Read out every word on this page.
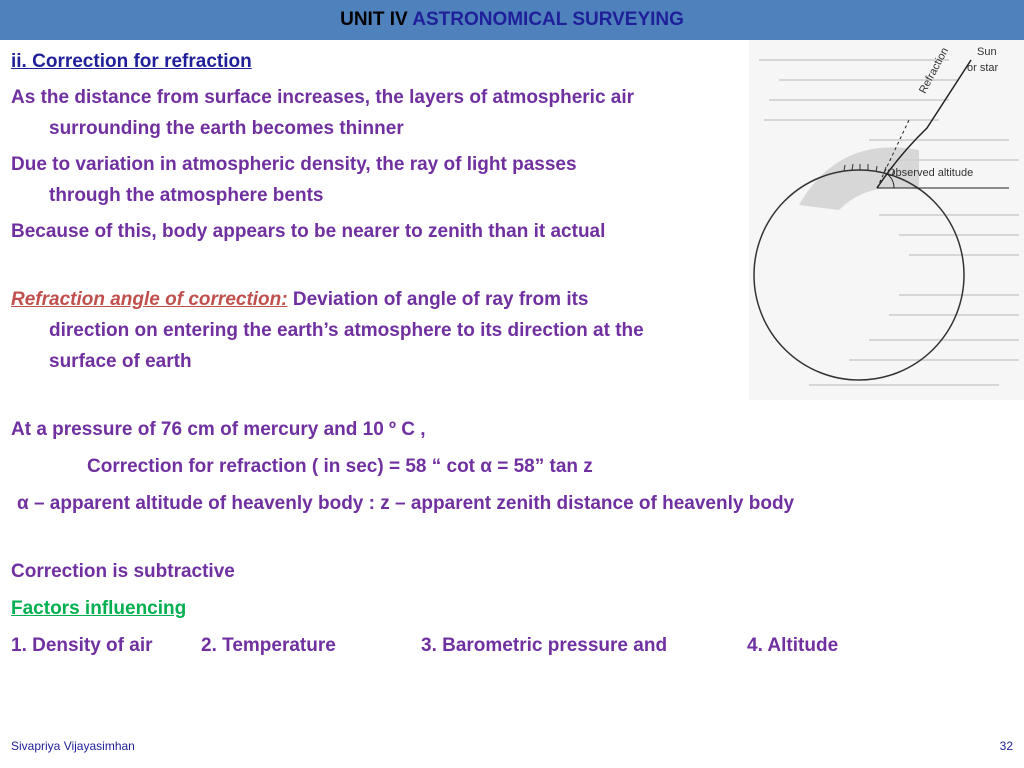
UNIT IV ASTRONOMICAL SURVEYING
Sun
or star
Refraction
Observed altitude

ii. Correction for refraction

As the distance from surface increases, the layers of atmospheric air
surrounding the earth becomes thinner

Due to variation in atmospheric density, the ray of light passes
through the atmosphere bents

Because of this, body appears to be nearer to zenith than it actual

Refraction angle of correction: Deviation of angle of ray from its
direction on entering the earth’s atmosphere to its direction at the
surface of earth

At a pressure of 76 cm of mercury and 10 º C ,

Correction for refraction ( in sec) = 58 “ cot α = 58” tan z

α – apparent altitude of heavenly body : z – apparent zenith distance of heavenly body

Correction is subtractive

Factors influencing

1. Density of air	2. Temperature	3. Barometric pressure and	4. Altitude

Sivapriya Vijayasimhan	32
